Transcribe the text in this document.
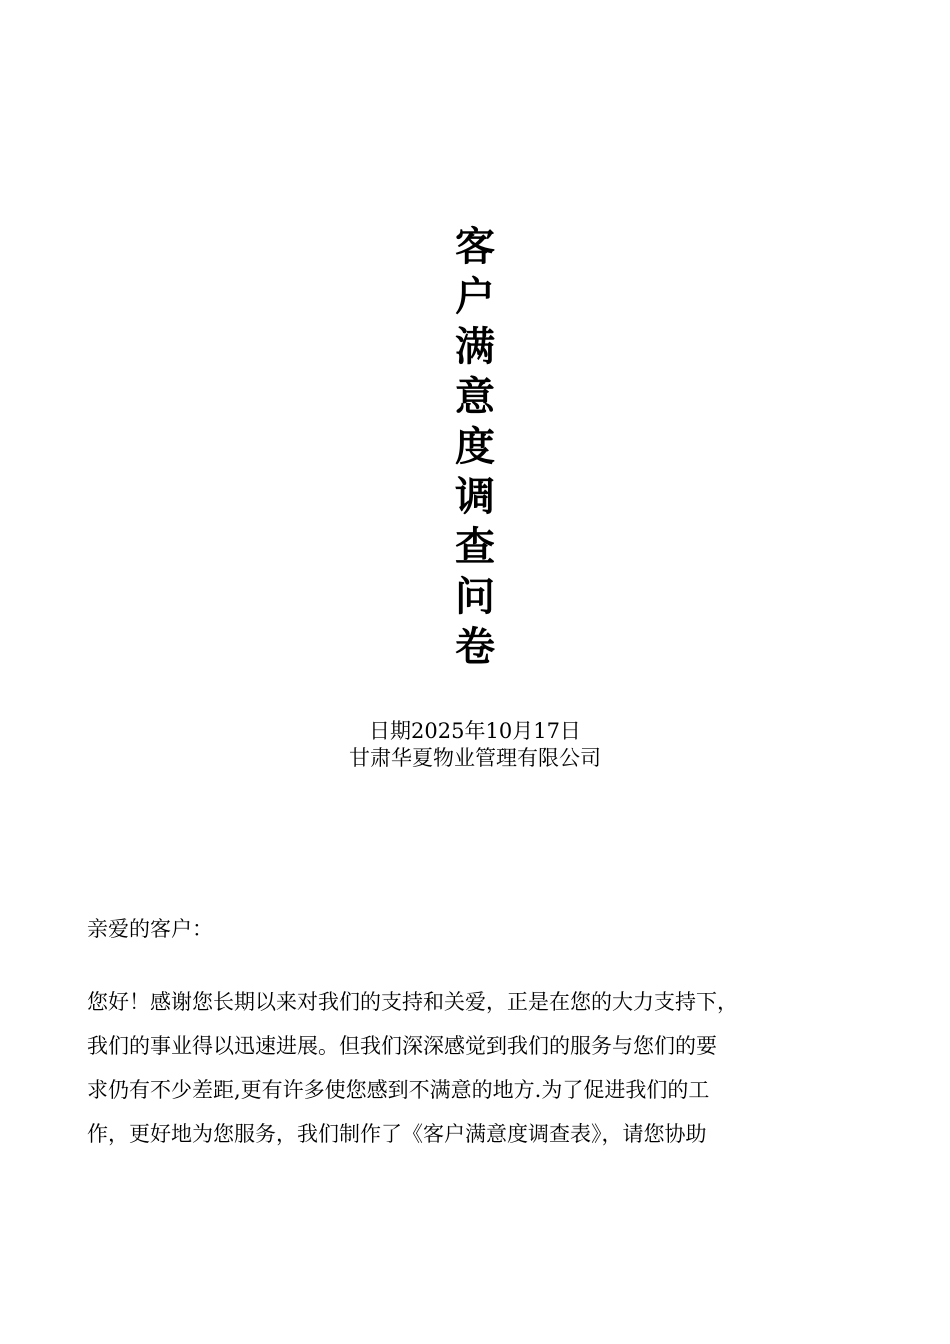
客
户
满
意
度
调
查
问
卷
日期2025年10月17日
甘肃华夏物业管理有限公司
亲爱的客户：
您好！感谢您长期以来对我们的支持和关爱，正是在您的大力支持下，
我们的事业得以迅速进展。但我们深深感觉到我们的服务与您们的要
求仍有不少差距,更有许多使您感到不满意的地方.为了促进我们的工
作，更好地为您服务，我们制作了《客户满意度调查表》，请您协助
